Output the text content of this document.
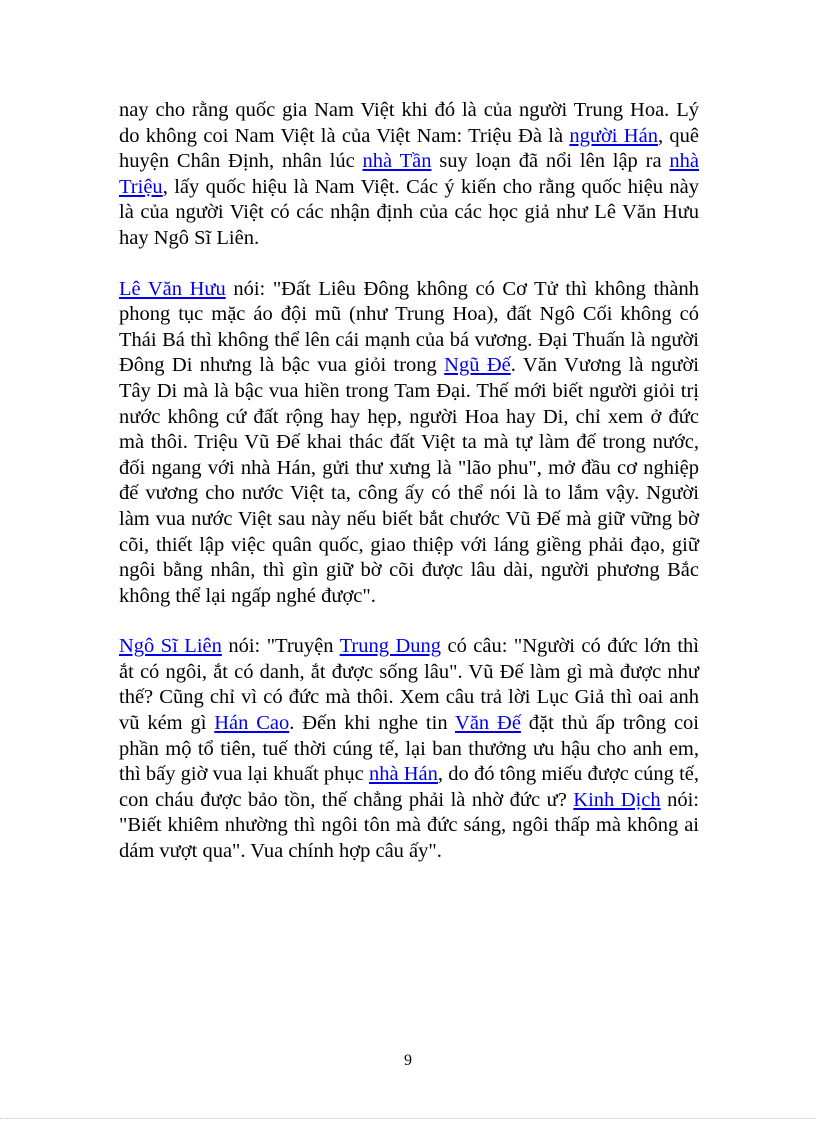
nay cho rằng quốc gia Nam Việt khi đó là của người Trung Hoa. Lý do không coi Nam Việt là của Việt Nam: Triệu Đà là người Hán, quê huyện Chân Định, nhân lúc nhà Tần suy loạn đã nổi lên lập ra nhà Triệu, lấy quốc hiệu là Nam Việt. Các ý kiến cho rằng quốc hiệu này là của người Việt có các nhận định của các học giả như Lê Văn Hưu hay Ngô Sĩ Liên.

Lê Văn Hưu nói: "Đất Liêu Đông không có Cơ Tử thì không thành phong tục mặc áo đội mũ (như Trung Hoa), đất Ngô Cối không có Thái Bá thì không thể lên cái mạnh của bá vương. Đại Thuấn là người Đông Di nhưng là bậc vua giỏi trong Ngũ Đế. Văn Vương là người Tây Di mà là bậc vua hiền trong Tam Đại. Thế mới biết người giỏi trị nước không cứ đất rộng hay hẹp, người Hoa hay Di, chỉ xem ở đức mà thôi. Triệu Vũ Đế khai thác đất Việt ta mà tự làm đế trong nước, đối ngang với nhà Hán, gửi thư xưng là "lão phu", mở đầu cơ nghiệp đế vương cho nước Việt ta, công ấy có thể nói là to lắm vậy. Người làm vua nước Việt sau này nếu biết bắt chước Vũ Đế mà giữ vững bờ cõi, thiết lập việc quân quốc, giao thiệp với láng giềng phải đạo, giữ ngôi bằng nhân, thì gìn giữ bờ cõi được lâu dài, người phương Bắc không thể lại ngấp nghé được".

Ngô Sĩ Liên nói: "Truyện Trung Dung có câu: "Người có đức lớn thì ắt có ngôi, ắt có danh, ắt được sống lâu". Vũ Đế làm gì mà được như thế? Cũng chỉ vì có đức mà thôi. Xem câu trả lời Lục Giả thì oai anh vũ kém gì Hán Cao. Đến khi nghe tin Văn Đế đặt thủ ấp trông coi phần mộ tổ tiên, tuế thời cúng tế, lại ban thưởng ưu hậu cho anh em, thì bấy giờ vua lại khuất phục nhà Hán, do đó tông miếu được cúng tế, con cháu được bảo tồn, thế chẳng phải là nhờ đức ư? Kinh Dịch nói: "Biết khiêm nhường thì ngôi tôn mà đức sáng, ngôi thấp mà không ai dám vượt qua". Vua chính hợp câu ấy".

9
